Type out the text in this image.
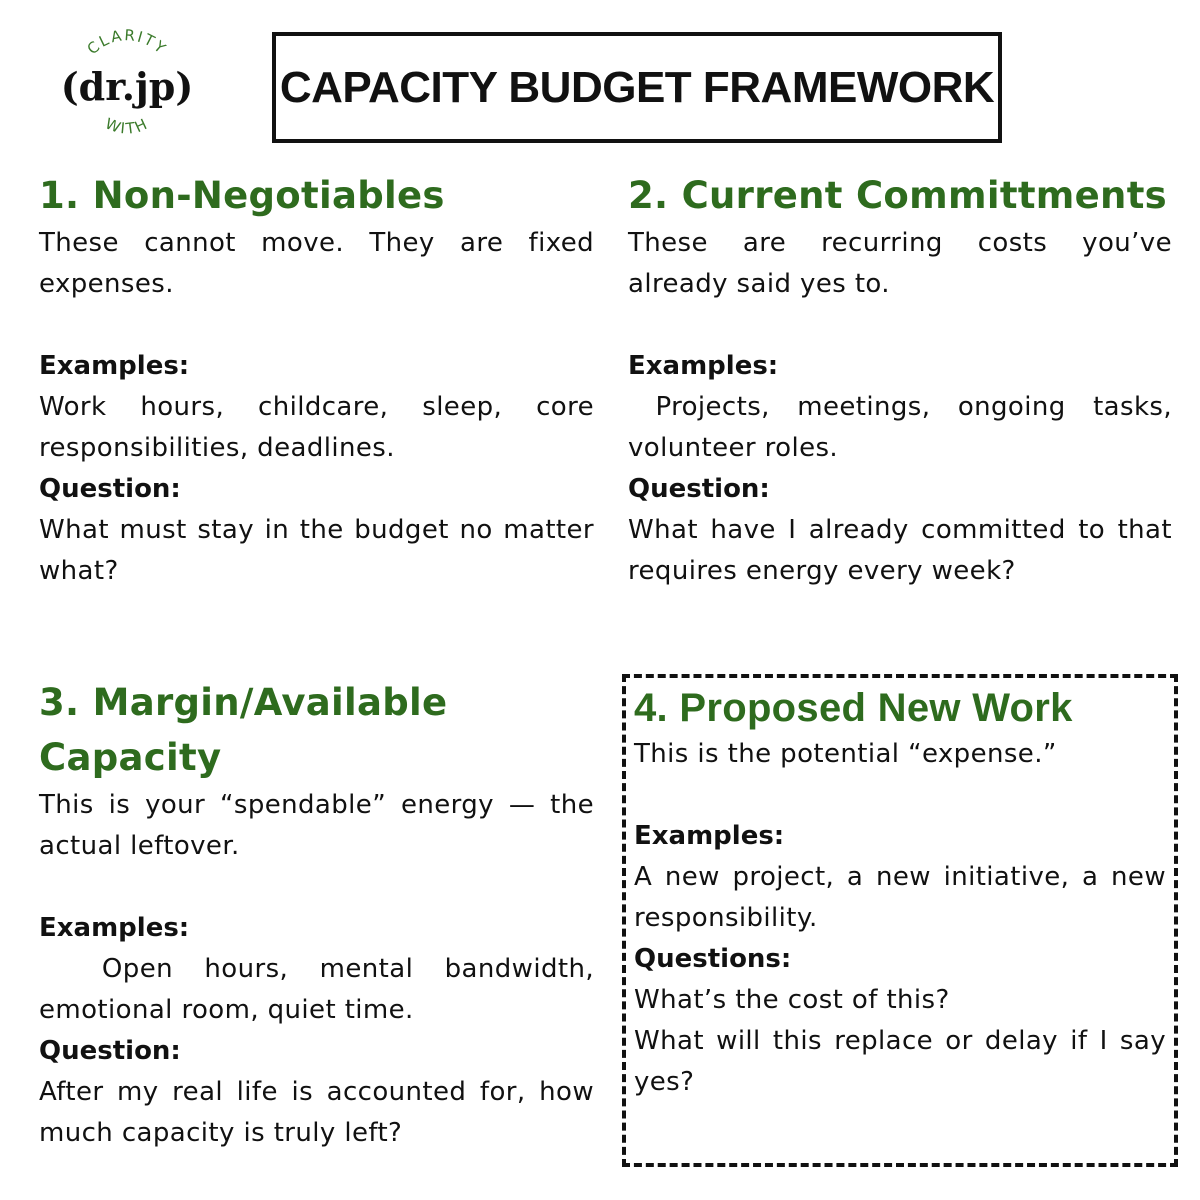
CLARITY
(dr.jp)
WITH
CAPACITY BUDGET FRAMEWORK
1. Non-Negotiables

These cannot move. They are fixed expenses.

Examples:

Work hours, childcare, sleep, core responsibilities, deadlines.

Question:

What must stay in the budget no matter what?

2. Current Committments

These are recurring costs you’ve already said yes to.

Examples:

Projects, meetings, ongoing tasks, volunteer roles.

Question:

What have I already committed to that requires energy every week?

3. Margin/Available Capacity

This is your “spendable” energy — the actual leftover.

Examples:

Open hours, mental bandwidth, emotional room, quiet time.

Question:

After my real life is accounted for, how much capacity is truly left?

4. Proposed New Work

This is the potential “expense.”

Examples:

A new project, a new initiative, a new responsibility.

Questions:

What’s the cost of this?

What will this replace or delay if I say yes?
